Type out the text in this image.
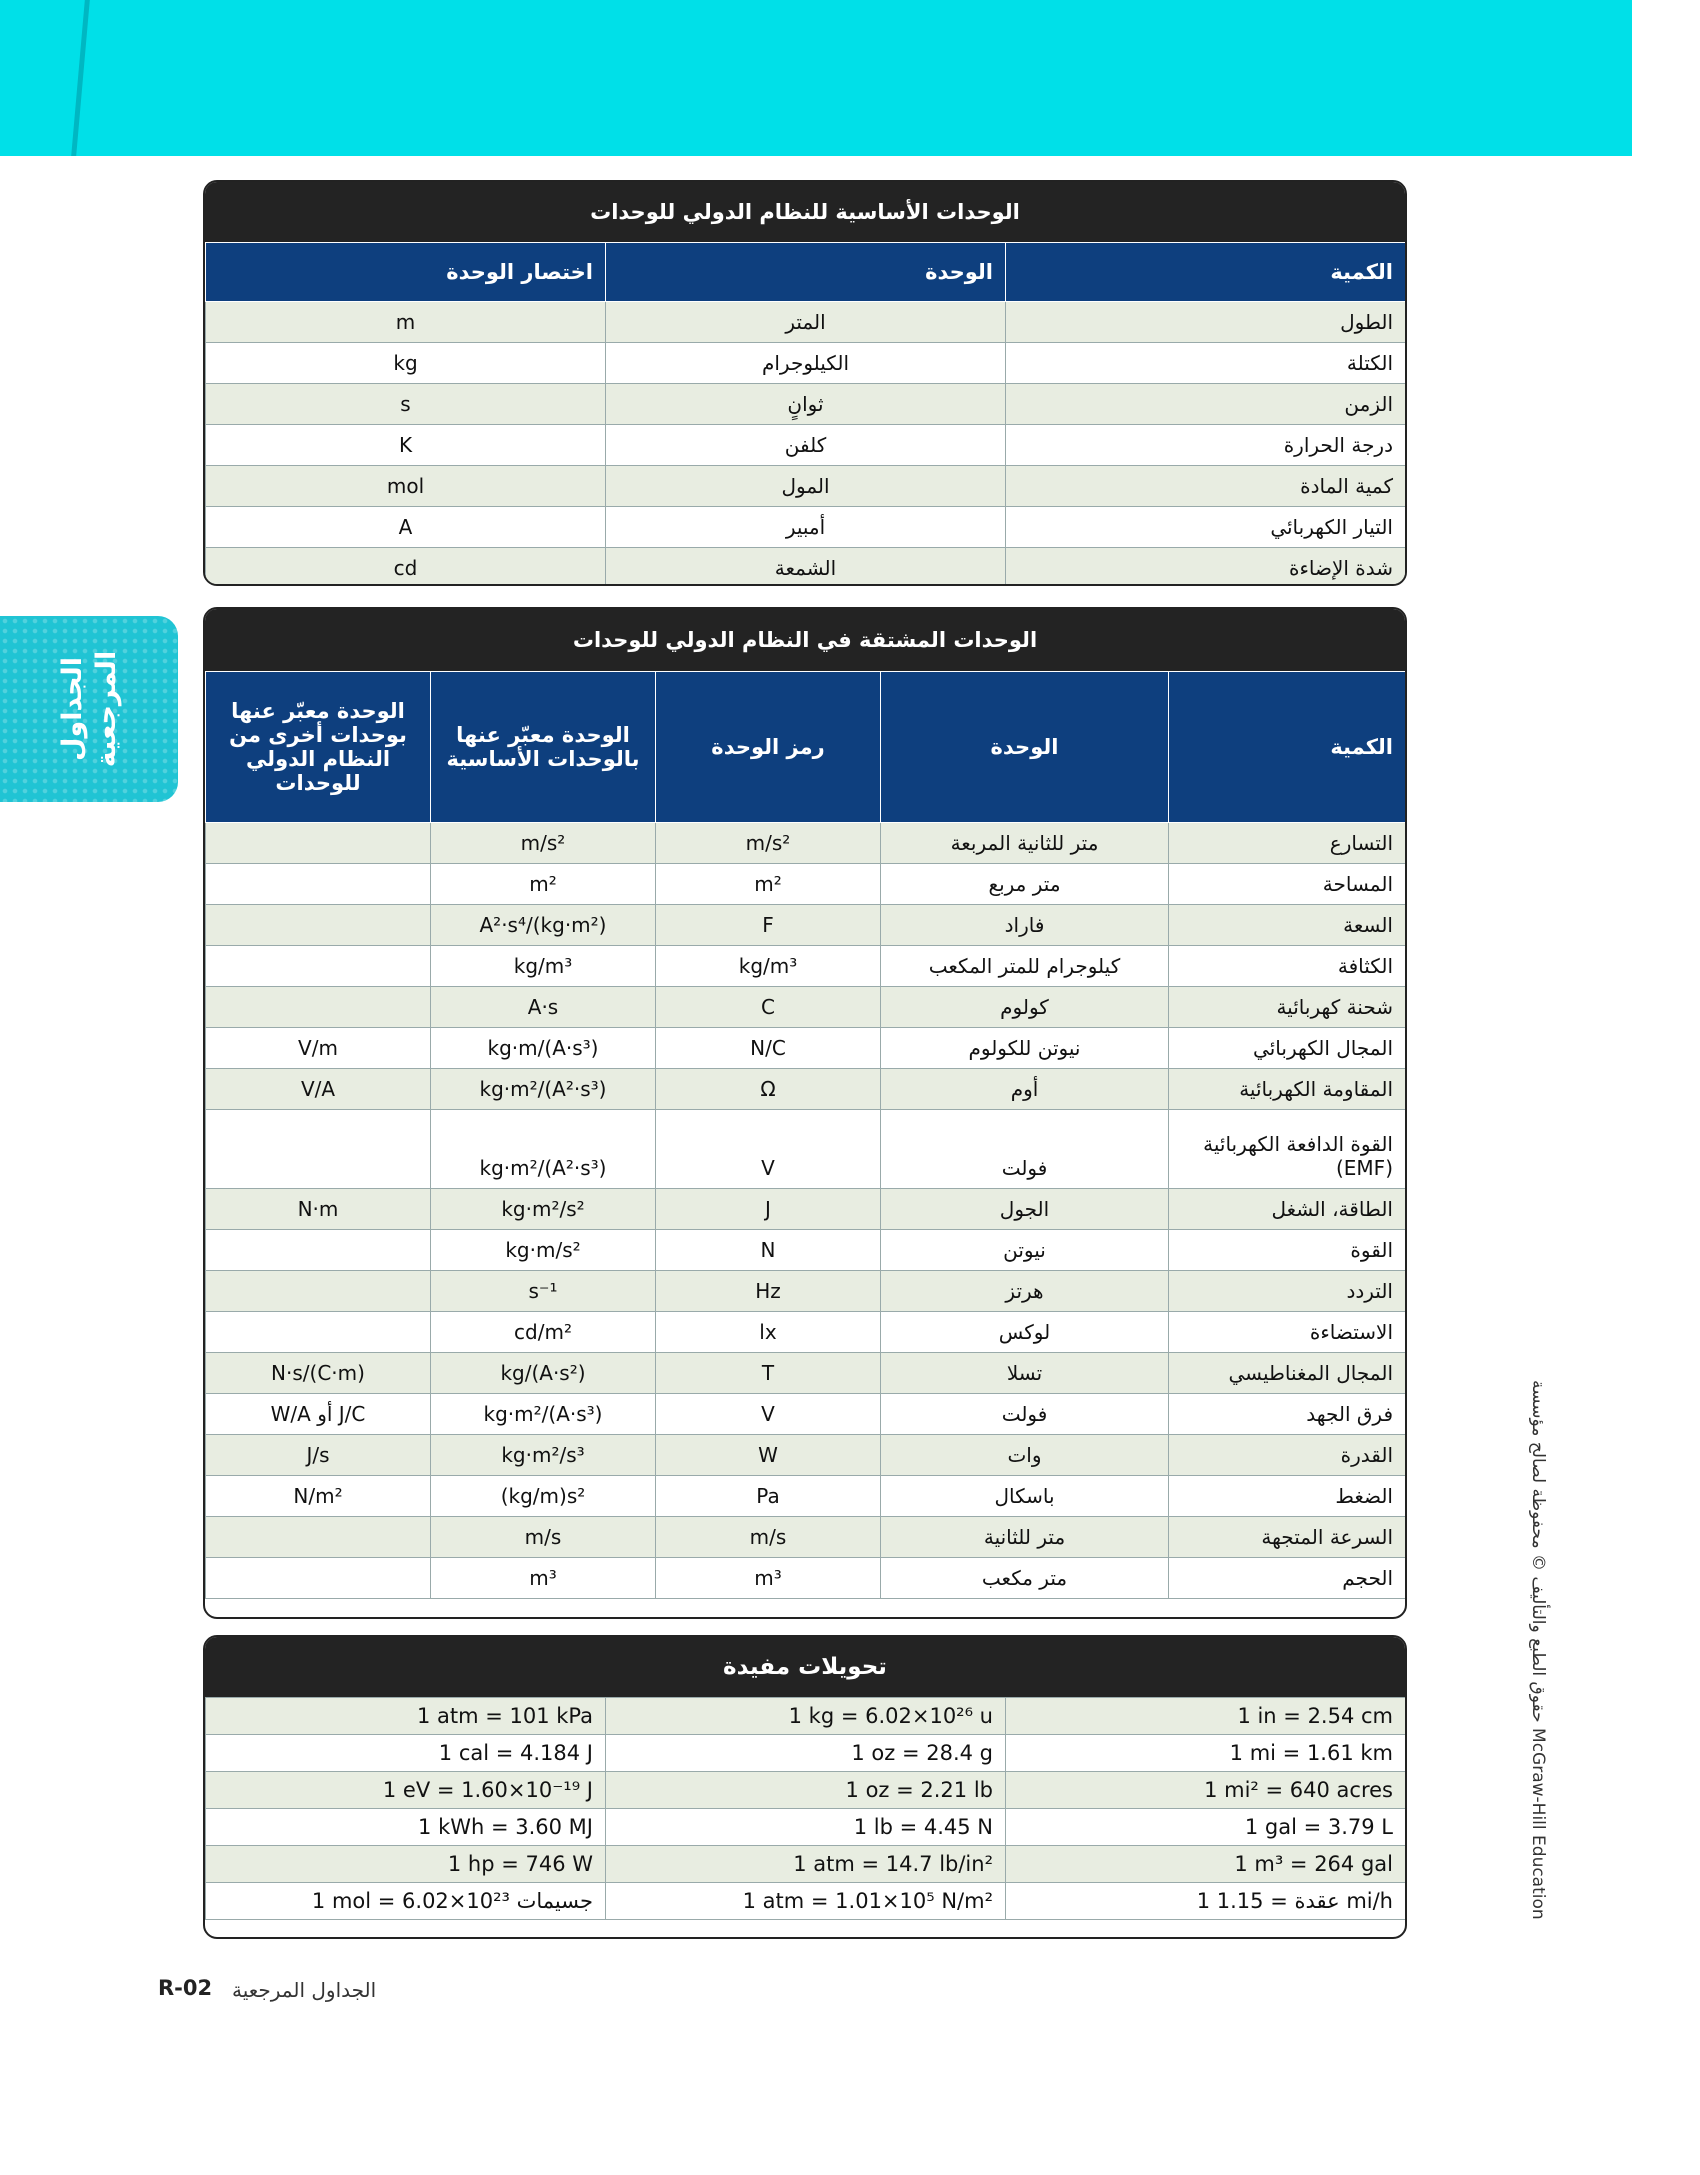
الجداول
المرجعية
الوحدات الأساسية للنظام الدولي للوحدات
اختصار الوحدة	الوحدة	الكمية
m	المتر	الطول
kg	الكيلوجرام	الكتلة
s	ثوانٍ	الزمن
K	كلفن	درجة الحرارة
mol	المول	كمية المادة
A	أمبير	التيار الكهربائي
cd	الشمعة	شدة الإضاءة
الوحدات المشتقة في النظام الدولي للوحدات
الوحدة معبّر عنها بوحدات أخرى من النظام الدولي للوحدات	الوحدة معبّر عنها بالوحدات الأساسية	رمز الوحدة	الوحدة	الكمية
	m/s²	m/s²	متر للثانية المربعة	التسارع
	m²	m²	متر مربع	المساحة
	A²·s⁴/(kg·m²)	F	فاراد	السعة
	kg/m³	kg/m³	كيلوجرام للمتر المكعب	الكثافة
	A·s	C	كولوم	شحنة كهربائية
V/m	kg·m/(A·s³)	N/C	نيوتن للكولوم	المجال الكهربائي
V/A	kg·m²/(A²·s³)	Ω	أوم	المقاومة الكهربائية
	kg·m²/(A²·s³)	V	فولت	القوة الدافعة الكهربائية (EMF)
N·m	kg·m²/s²	J	الجول	الطاقة، الشغل
	kg·m/s²	N	نيوتن	القوة
	s⁻¹	Hz	هرتز	التردد
	cd/m²	lx	لوكس	الاستضاءة
N·s/(C·m)	kg/(A·s²)	T	تسلا	المجال المغناطيسي
W/A أو J/C	kg·m²/(A·s³)	V	فولت	فرق الجهد
J/s	kg·m²/s³	W	وات	القدرة
N/m²	(kg/m)s²	Pa	باسكال	الضغط
	m/s	m/s	متر للثانية	السرعة المتجهة
	m³	m³	متر مكعب	الحجم
تحويلات مفيدة
1 atm = 101 kPa	1 kg = 6.02×10²⁶ u	1 in = 2.54 cm
1 cal = 4.184 J	1 oz = 28.4 g	1 mi = 1.61 km
1 eV = 1.60×10⁻¹⁹ J	1 oz = 2.21 lb	1 mi² = 640 acres
1 kWh = 3.60 MJ	1 lb = 4.45 N	1 gal = 3.79 L
1 hp = 746 W	1 atm = 14.7 lb/in²	1 m³ = 264 gal
1 mol = 6.02×10²³ جسيمات	1 atm = 1.01×10⁵ N/m²	1 عقدة = 1.15 mi/h
R-02 الجداول المرجعية
حقوق الطبع والتأليف © محفوظة لصالح مؤسسة McGraw-Hill Education
